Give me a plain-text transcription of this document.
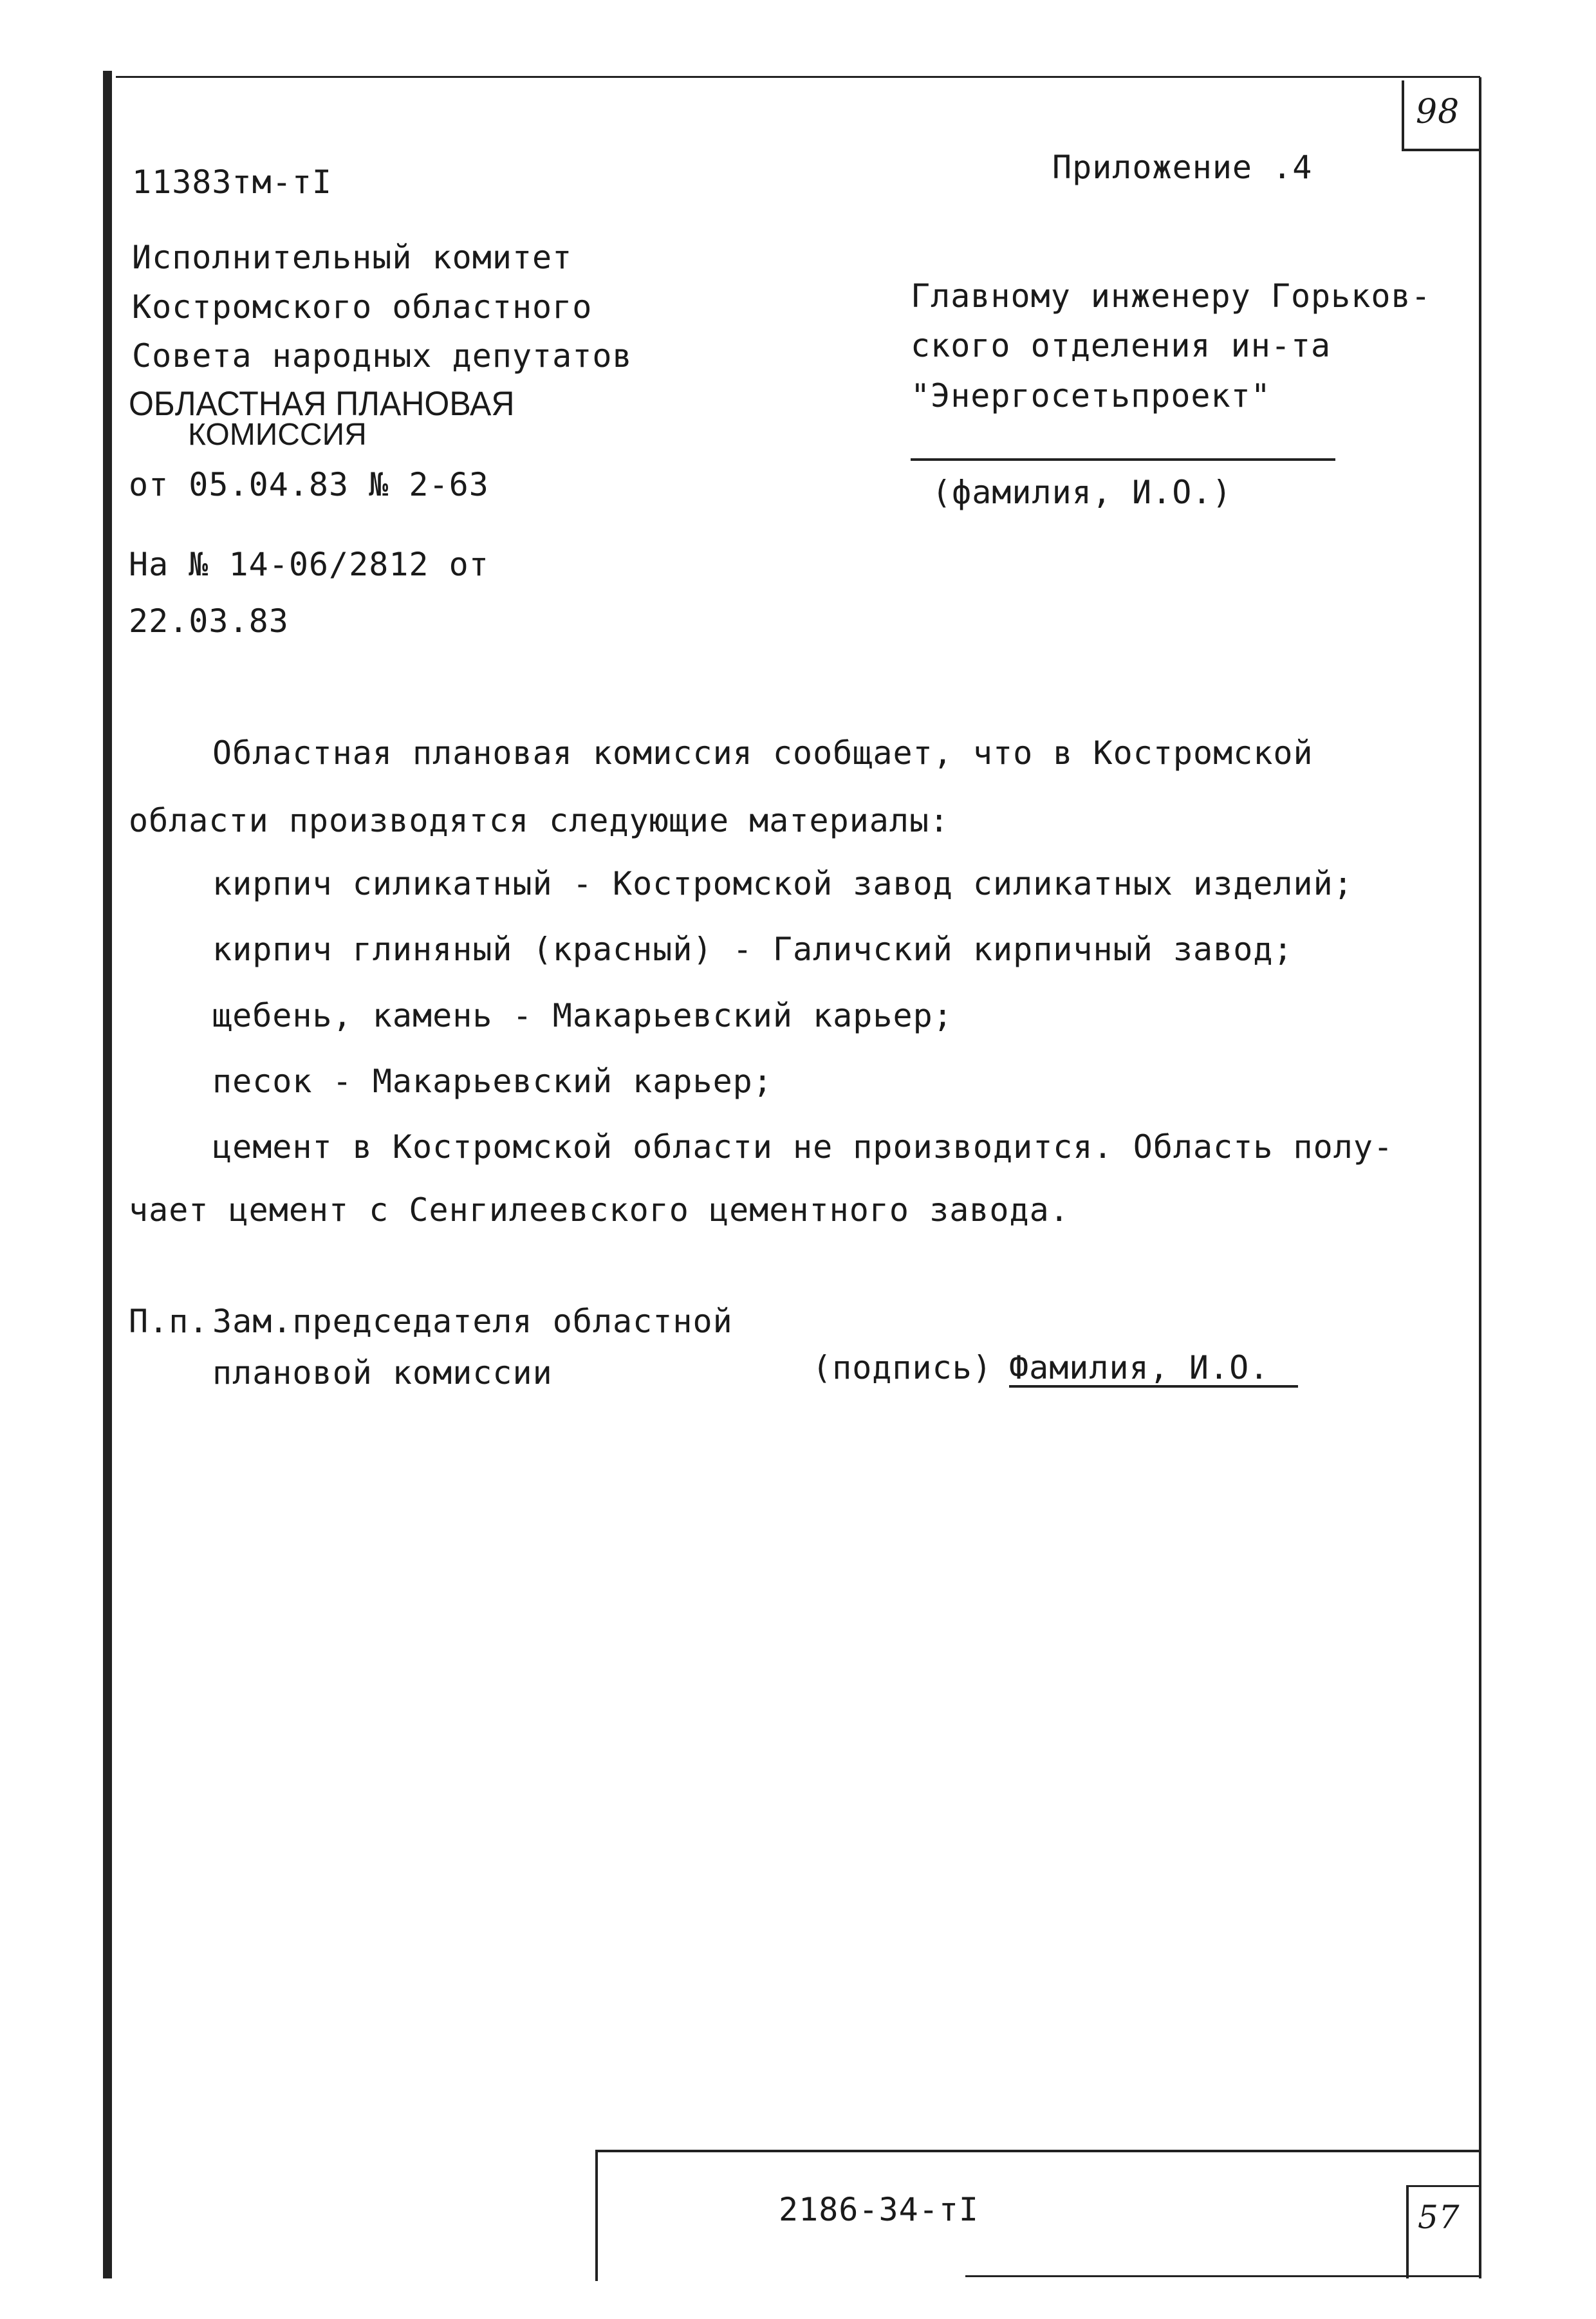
98
11383тм-тI	Приложение .4
Исполнительный комитет
Костромского областного
Совета народных депутатов
ОБЛАСТНАЯ ПЛАНОВАЯ
КОМИССИЯ
от 05.04.83 № 2-63
На № 14-06/2812 от
22.03.83
Главному инженеру Горьков-
ского отделения ин-та
"Энергосетьпроект"
(фамилия, И.О.)
Областная плановая комиссия сообщает, что в Костромской
области производятся следующие материалы:
кирпич силикатный - Костромской завод силикатных изделий;
кирпич глиняный (красный) - Галичский кирпичный завод;
щебень, камень - Макарьевский карьер;
песок - Макарьевский карьер;
цемент в Костромской области не производится. Область полу-
чает цемент с Сенгилеевского цементного завода.
П.п. Зам.председателя областной
плановой комиссии	(подпись) Фамилия, И.О.
2186-34-тI	57
